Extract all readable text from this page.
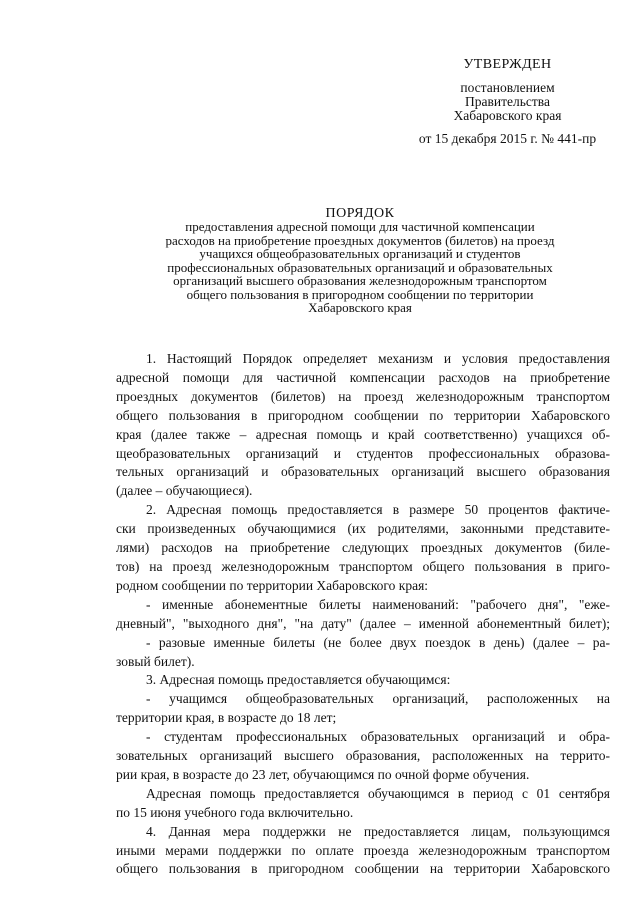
УТВЕРЖДЕН
постановлением
Правительства
Хабаровского края
от 15 декабря 2015 г. № 441-пр
ПОРЯДОК
предоставления адресной помощи для частичной компенсации
расходов на приобретение проездных документов (билетов) на проезд
учащихся общеобразовательных организаций и студентов
профессиональных образовательных организаций и образовательных
организаций высшего образования железнодорожным транспортом
общего пользования в пригородном сообщении по территории
Хабаровского края
1. Настоящий Порядок определяет механизм и условия предоставления
адресной помощи для частичной компенсации расходов на приобретение
проездных документов (билетов) на проезд железнодорожным транспортом
общего пользования в пригородном сообщении по территории Хабаровского
края (далее также – адресная помощь и край соответственно) учащихся об-
щеобразовательных организаций и студентов профессиональных образова-
тельных организаций и образовательных организаций высшего образования
(далее – обучающиеся).
2. Адресная помощь предоставляется в размере 50 процентов фактиче-
ски произведенных обучающимися (их родителями, законными представите-
лями) расходов на приобретение следующих проездных документов (биле-
тов) на проезд железнодорожным транспортом общего пользования в приго-
родном сообщении по территории Хабаровского края:
- именные абонементные билеты наименований: "рабочего дня", "еже-
дневный", "выходного дня", "на дату" (далее – именной абонементный билет);
- разовые именные билеты (не более двух поездок в день) (далее – ра-
зовый билет).
3. Адресная помощь предоставляется обучающимся:
- учащимся общеобразовательных организаций, расположенных на
территории края, в возрасте до 18 лет;
- студентам профессиональных образовательных организаций и обра-
зовательных организаций высшего образования, расположенных на террито-
рии края, в возрасте до 23 лет, обучающимся по очной форме обучения.
Адресная помощь предоставляется обучающимся в период с 01 сентября
по 15 июня учебного года включительно.
4. Данная мера поддержки не предоставляется лицам, пользующимся
иными мерами поддержки по оплате проезда железнодорожным транспортом
общего пользования в пригородном сообщении на территории Хабаровского
